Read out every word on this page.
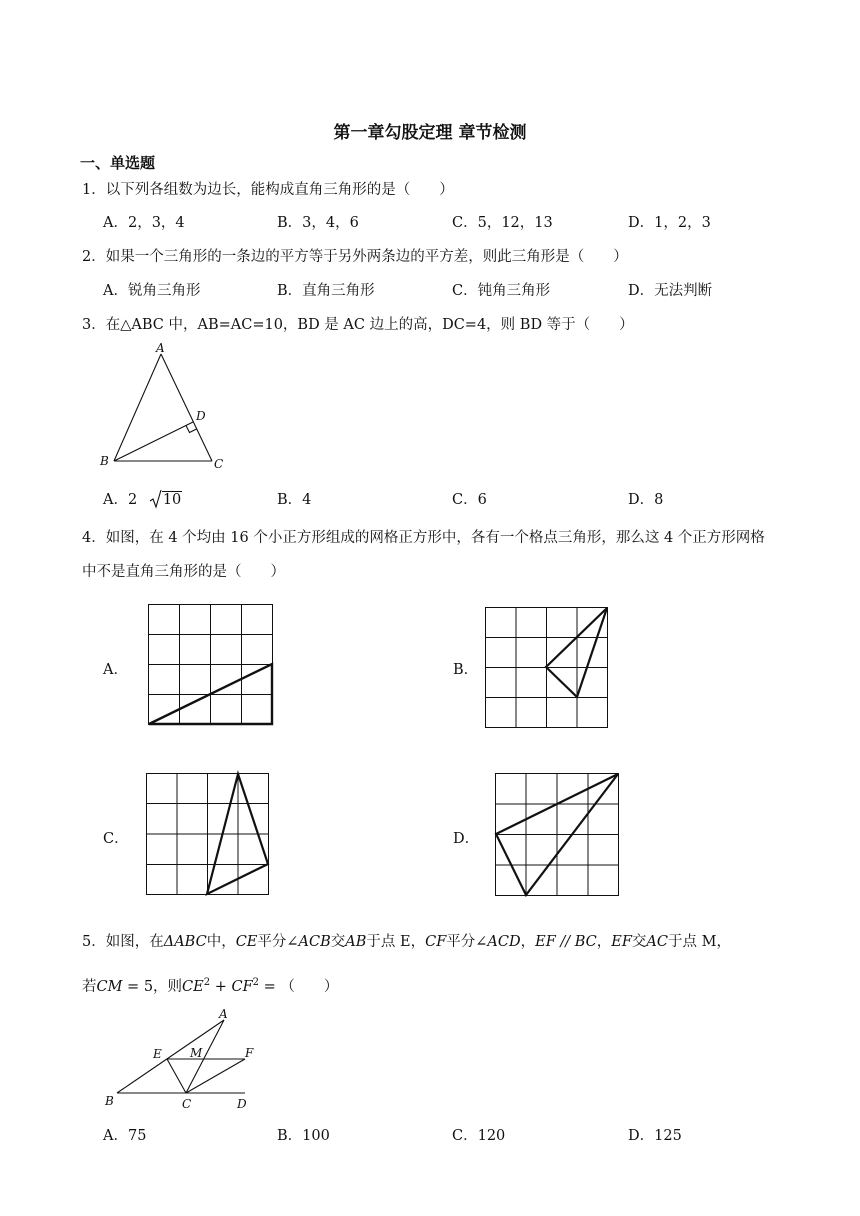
第一章勾股定理 章节检测
一、单选题
1．以下列各组数为边长，能构成直角三角形的是（　　）
A．2，3，4	B．3，4，6	C．5，12，13	D．1，2，3
2．如果一个三角形的一条边的平方等于另外两条边的平方差，则此三角形是（　　）
A．锐角三角形	B．直角三角形	C．钝角三角形	D．无法判断
3．在△ABC 中，AB=AC=10，BD 是 AC 边上的高，DC=4，则 BD 等于（　　）
A
D
B	C
A．2 10	B．4	C．6	D．8
4．如图，在 4 个均由 16 个小正方形组成的网格正方形中，各有一个格点三角形，那么这 4 个正方形网格
中不是直角三角形的是（　　）
A．	B．
C．	D．
5．如图，在ΔABC中，CE平分∠ACB交AB于点 E，CF平分∠ACD，EF // BC，EF交AC于点 M，
若CM = 5，则$CE^2 + CF^2$ = （　　）
A
E M	F
B	C	D
A．75	B．100	C．120	D．125
